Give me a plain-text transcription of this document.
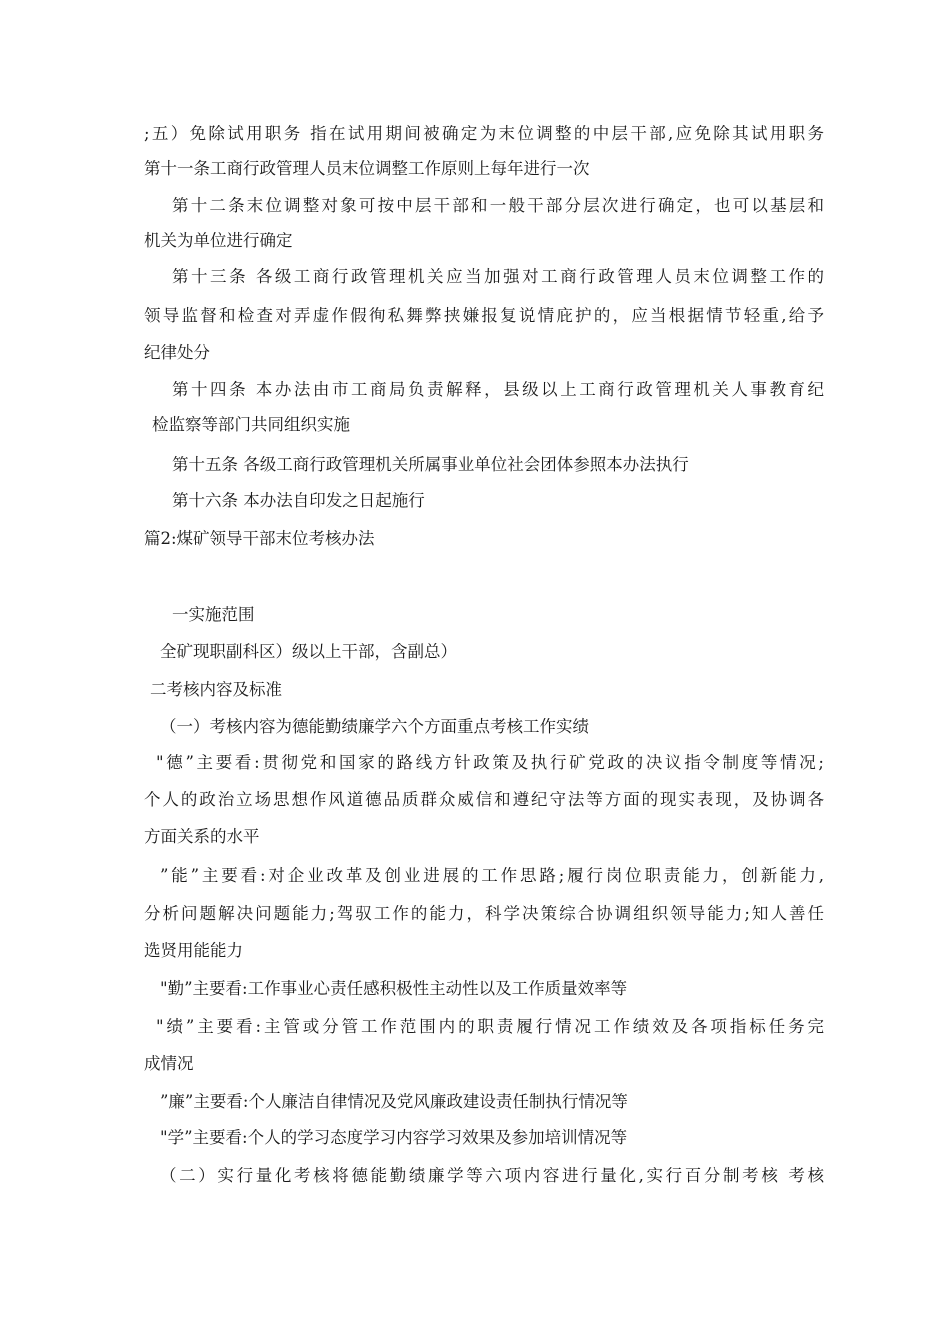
;五）免除试用职务 指在试用期间被确定为末位调整的中层干部,应免除其试用职务

第十一条工商行政管理人员末位调整工作原则上每年进行一次

第十二条末位调整对象可按中层干部和一般干部分层次进行确定，也可以基层和

机关为单位进行确定

第十三条 各级工商行政管理机关应当加强对工商行政管理人员末位调整工作的

领导监督和检查对弄虚作假徇私舞弊挟嫌报复说情庇护的，应当根据情节轻重,给予

纪律处分

第十四条 本办法由市工商局负责解释，县级以上工商行政管理机关人事教育纪

检监察等部门共同组织实施

第十五条 各级工商行政管理机关所属事业单位社会团体参照本办法执行

第十六条 本办法自印发之日起施行

篇2:煤矿领导干部末位考核办法

一实施范围

全矿现职副科区）级以上干部，含副总）

二考核内容及标准

（一）考核内容为德能勤绩廉学六个方面重点考核工作实绩

"德”主要看:贯彻党和国家的路线方针政策及执行矿党政的决议指令制度等情况;

个人的政治立场思想作风道德品质群众威信和遵纪守法等方面的现实表现，及协调各

方面关系的水平

”能”主要看:对企业改革及创业进展的工作思路;履行岗位职责能力，创新能力,

分析问题解决问题能力;驾驭工作的能力，科学决策综合协调组织领导能力;知人善任

选贤用能能力

"勤”主要看:工作事业心责任感积极性主动性以及工作质量效率等

"绩”主要看:主管或分管工作范围内的职责履行情况工作绩效及各项指标任务完

成情况

”廉”主要看:个人廉洁自律情况及党风廉政建设责任制执行情况等

"学”主要看:个人的学习态度学习内容学习效果及参加培训情况等

（二）实行量化考核将德能勤绩廉学等六项内容进行量化,实行百分制考核 考核
